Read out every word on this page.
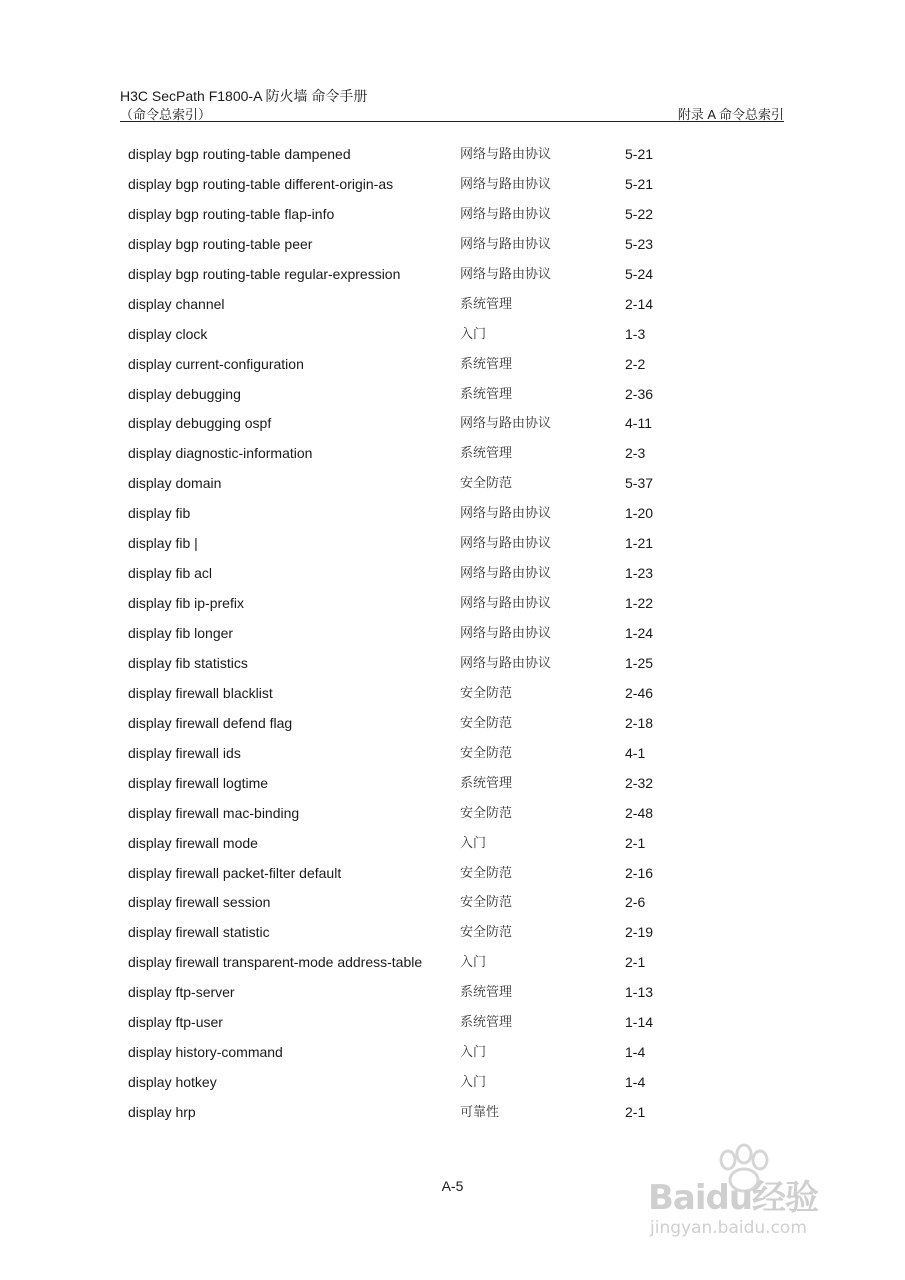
H3C SecPath F1800-A 防火墙 命令手册
（命令总索引）	附录 A 命令总索引
display bgp routing-table dampened	网络与路由协议	5-21
display bgp routing-table different-origin-as	网络与路由协议	5-21
display bgp routing-table flap-info	网络与路由协议	5-22
display bgp routing-table peer	网络与路由协议	5-23
display bgp routing-table regular-expression	网络与路由协议	5-24
display channel	系统管理	2-14
display clock	入门	1-3
display current-configuration	系统管理	2-2
display debugging	系统管理	2-36
display debugging ospf	网络与路由协议	4-11
display diagnostic-information	系统管理	2-3
display domain	安全防范	5-37
display fib	网络与路由协议	1-20
display fib |	网络与路由协议	1-21
display fib acl	网络与路由协议	1-23
display fib ip-prefix	网络与路由协议	1-22
display fib longer	网络与路由协议	1-24
display fib statistics	网络与路由协议	1-25
display firewall blacklist	安全防范	2-46
display firewall defend flag	安全防范	2-18
display firewall ids	安全防范	4-1
display firewall logtime	系统管理	2-32
display firewall mac-binding	安全防范	2-48
display firewall mode	入门	2-1
display firewall packet-filter default	安全防范	2-16
display firewall session	安全防范	2-6
display firewall statistic	安全防范	2-19
display firewall transparent-mode address-table	入门	2-1
display ftp-server	系统管理	1-13
display ftp-user	系统管理	1-14
display history-command	入门	1-4
display hotkey	入门	1-4
display hrp	可靠性	2-1
A-5	Baidu经验
jingyan.baidu.com
